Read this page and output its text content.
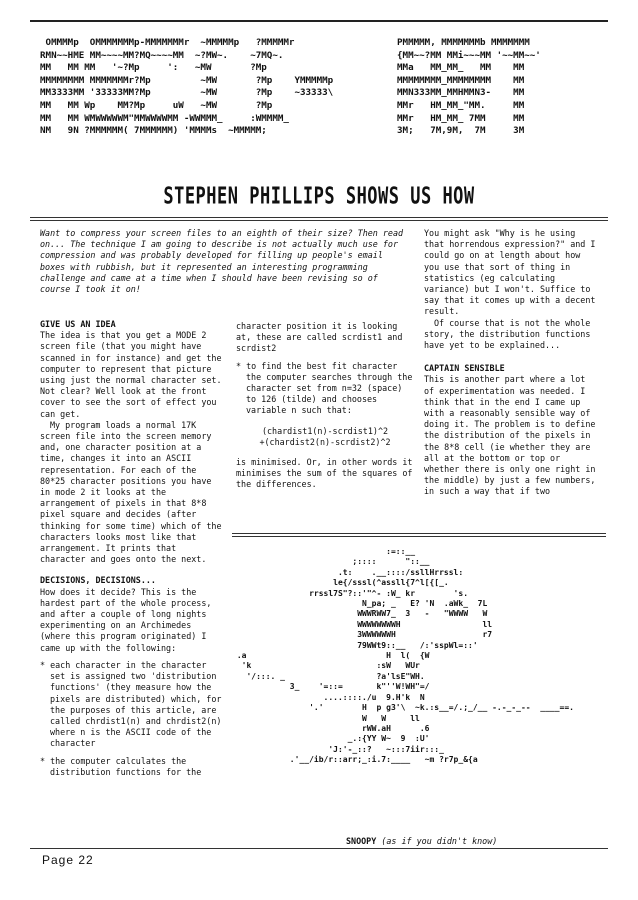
OMMMMp  OMMMMMMMp-MMMMMMMr  ~MMMMMp   ?MMMMMr
RMN~~HME MM~~~~MM?MQ~~~~MM  ~?MW~.    ~7MQ~.
MM   MM MM   '~?Mp     ':   ~MW       ?Mp
MMMMMMMM MMMMMMMr?Mp         ~MW       ?Mp    YMMMMMp
MM3333MM '33333MM?Mp         ~MW       ?Mp    ~33333\
MM   MM Wp    MM?Mp     uW   ~MW       ?Mp
MM   MM WMWWWWWM"MMWWWWMM -WWMMM_     :WMMMM_
NM   9N ?MMMMMM( 7MMMMMM) 'MMMMs  ~MMMMM;
PMMMMM, MMMMMMMb MMMMMMM
{MM~~?MM MMi~~~MM '~~MM~~'
MMa   MM_MM_   MM    MM
MMMMMMMM_MMMMMMMM    MM
MMN333MM_MMHMMN3-    MM
MMr   HM_MM_"MM.     MM
MMr   HM_MM_ 7MM     MM
3M;   7M,9M,  7M     3M
STEPHEN PHILLIPS SHOWS US HOW

Want to compress your screen files to an eighth of their size? Then read on... The technique I am going to describe is not actually much use for compression and was probably developed for filling up people's email boxes with rubbish, but it represented an interesting programming challenge and came at a time when I should have been revising so of course I took it on!

GIVE US AN IDEA

The idea is that you get a MODE 2 screen file (that you might have scanned in for instance) and get the computer to represent that picture using just the normal character set. Not clear? Well look at the front cover to see the sort of effect you can get.

My program loads a normal 17K screen file into the screen memory and, one character position at a time, changes it into an ASCII representation. For each of the 80*25 character positions you have in mode 2 it looks at the arrangement of pixels in that 8*8 pixel square and decides (after thinking for some time) which of the characters looks most like that arrangement. It prints that character and goes onto the next.

DECISIONS, DECISIONS...

How does it decide? This is the hardest part of the whole process, and after a couple of long nights experimenting on an Archimedes (where this program originated) I came up with the following:

* each character in the character set is assigned two 'distribution functions' (they measure how the pixels are distributed) which, for the purposes of this article, are called chrdist1(n) and chrdist2(n) where n is the ASCII code of the character

* the computer calculates the distribution functions for the

character position it is looking at, these are called scrdist1 and scrdist2

* to find the best fit character the computer searches through the character set from n=32 (space) to 126 (tilde) and chooses variable n such that:

(chardist1(n)-scrdist1)^2

+(chardist2(n)-scrdist2)^2

is minimised. Or, in other words it minimises the sum of the squares of the differences.

You might ask "Why is he using that horrendous expression?" and I could go on at length about how you use that sort of thing in statistics (eg calculating variance) but I won't. Suffice to say that it comes up with a decent result.

Of course that is not the whole story, the distribution functions have yet to be explained...

CAPTAIN SENSIBLE

This is another part where a lot of experimentation was needed. I think that in the end I came up with a reasonably sensible way of doing it. The problem is to define the distribution of the pixels in the 8*8 cell (ie whether they are all at the bottom or top or whether there is only one right in the middle) by just a few numbers, in such a way that if two

:=::__
;::::      "::__
.t:    .__::::/ssllHrrssl:
le{/sssl(^assll{7^l[{[_.
rrssl7S"?::'"^- :W_ kr        's.
N_pa; _   E? 'N  .aWk_  7L
WWWRWW7_  3   -   "WWWW   W
WWWWWWWWH                 ll
3WWWWWWH                  r7
79WWt9::__   /:'sspWl=::'
.a                             H  l(  {W
'k                          :sW   WUr
'/:::. _                   ?a'lsE"WH.
3_    '=::=       k"''W!WH"=/
....::::./u  9.H'k  N
'.'        H  p g3'\  ~k.:s__=/.;_/__ -.-_-_--  ____==.
W   W     ll
rWW.aH      .6
_.:{YY W~  9  :U'
'J:'-_::?   ~:::7iir:::_
.'__/ib/r::arr;_:i.7:____   ~m ?r7p_&{a
SNOOPY (as if you didn't know)
Page 22
